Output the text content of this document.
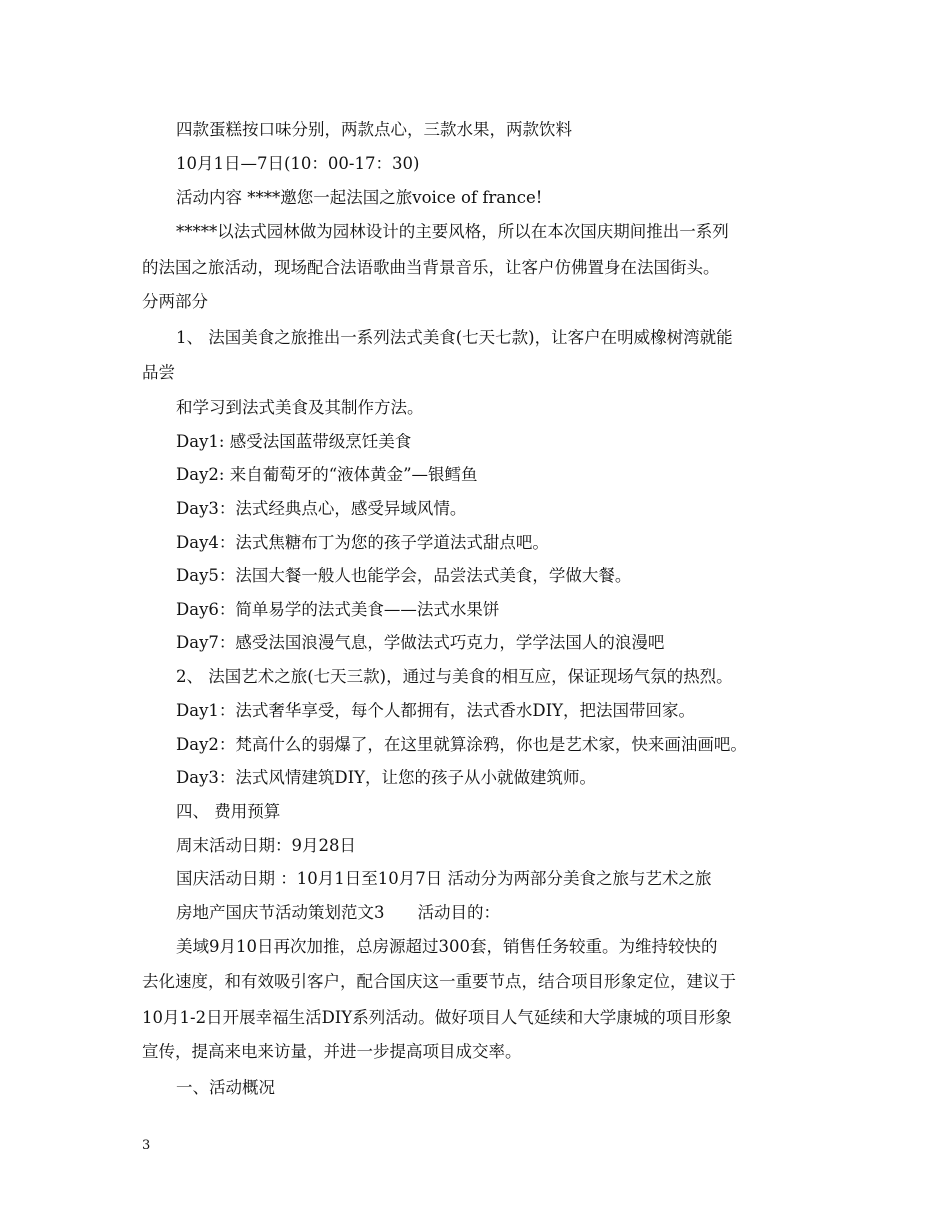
四款蛋糕按口味分别，两款点心，三款水果，两款饮料
10月1日—7日(10：00-17：30)
活动内容 ****邀您一起法国之旅voice of france!
*****以法式园林做为园林设计的主要风格，所以在本次国庆期间推出一系列
的法国之旅活动，现场配合法语歌曲当背景音乐，让客户仿佛置身在法国街头。
分两部分
1、 法国美食之旅推出一系列法式美食(七天七款)，让客户在明威橡树湾就能
品尝
和学习到法式美食及其制作方法。
Day1: 感受法国蓝带级烹饪美食
Day2: 来自葡萄牙的“液体黄金”—银鳕鱼
Day3：法式经典点心，感受异域风情。
Day4：法式焦糖布丁为您的孩子学道法式甜点吧。
Day5：法国大餐一般人也能学会，品尝法式美食，学做大餐。
Day6：简单易学的法式美食——法式水果饼
Day7：感受法国浪漫气息，学做法式巧克力，学学法国人的浪漫吧
2、 法国艺术之旅(七天三款)，通过与美食的相互应，保证现场气氛的热烈。
Day1：法式奢华享受，每个人都拥有，法式香水DIY，把法国带回家。
Day2：梵高什么的弱爆了，在这里就算涂鸦，你也是艺术家，快来画油画吧。
Day3：法式风情建筑DIY，让您的孩子从小就做建筑师。
四、 费用预算
周末活动日期：9月28日
国庆活动日期 ：10月1日至10月7日 活动分为两部分美食之旅与艺术之旅
房地产国庆节活动策划范文3　　活动目的：
美域9月10日再次加推，总房源超过300套，销售任务较重。为维持较快的
去化速度，和有效吸引客户，配合国庆这一重要节点，结合项目形象定位，建议于
10月1-2日开展幸福生活DIY系列活动。做好项目人气延续和大学康城的项目形象
宣传，提高来电来访量，并进一步提高项目成交率。
一、活动概况
3
